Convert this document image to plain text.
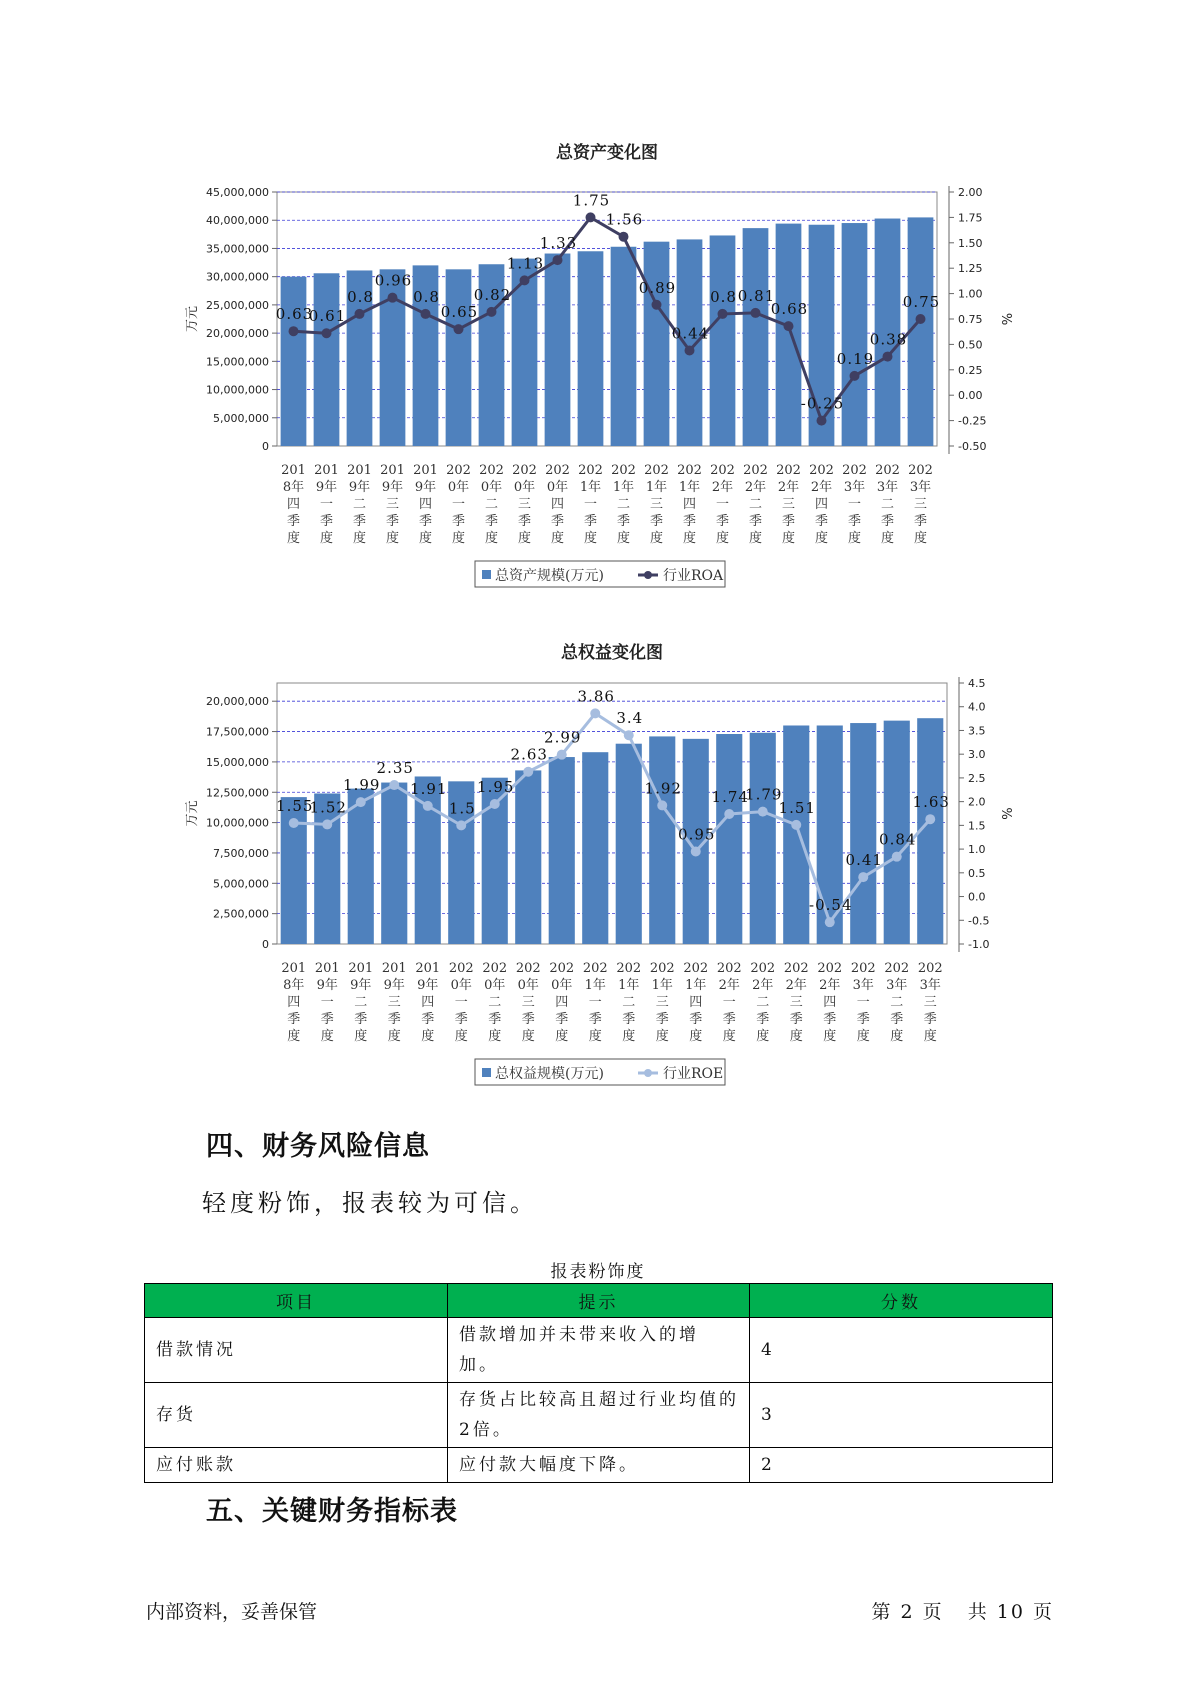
总资产变化图
45,000,000
40,000,000
35,000,000
30,000,000
25,000,000
20,000,000
15,000,000
10,000,000
5,000,000
0
2.00
1.75
1.50
1.25
1.00
0.75
0.50
0.25
0.00
-0.25
-0.50
万元	%
201
8年
四
季
度
201
9年
一
季
度
201
9年
二
季
度
201
9年
三
季
度
201
9年
四
季
度
202
0年
一
季
度
202
0年
二
季
度
202
0年
三
季
度
202
0年
四
季
度
202
1年
一
季
度
202
1年
二
季
度
202
1年
三
季
度
202
1年
四
季
度
202
2年
一
季
度
202
2年
二
季
度
202
2年
三
季
度
202
2年
四
季
度
202
3年
一
季
度
202
3年
二
季
度
202
3年
三
季
度
0.63
0.61
0.8
0.96
0.8
0.65
0.82
1.13
1.33
1.75
1.56
0.89
0.44
0.8 0.81
0.68
-0.25
0.19
0.38
0.75
总资产规模(万元)	行业ROA
总权益变化图
20,000,000
17,500,000
15,000,000
12,500,000
10,000,000
7,500,000
5,000,000
2,500,000
0
4.5
4.0
3.5
3.0
2.5
2.0
1.5
1.0
0.5
0.0
-0.5
-1.0
万元	%
201
8年
四
季
度
201
9年
一
季
度
201
9年
二
季
度
201
9年
三
季
度
201
9年
四
季
度
202
0年
一
季
度
202
0年
二
季
度
202
0年
三
季
度
202
0年
四
季
度
202
1年
一
季
度
202
1年
二
季
度
202
1年
三
季
度
202
1年
四
季
度
202
2年
一
季
度
202
2年
二
季
度
202
2年
三
季
度
202
2年
四
季
度
202
3年
一
季
度
202
3年
二
季
度
202
3年
三
季
度
1.55
1.52
1.99
2.35
1.91
1.5
1.95
2.63
2.99
3.86
3.4
1.92
0.95
1.74
1.79
1.51
-0.54
0.41
0.84
1.63
总权益规模(万元)	行业ROE
四、财务风险信息
轻度粉饰，报表较为可信。
报表粉饰度
项目	提示	分数
借款情况	借款增加并未带来收入的增加。	4
存货	存货占比较高且超过行业均值的2倍。	3
应付账款	应付款大幅度下降。	2
五、关键财务指标表
内部资料，妥善保管	第 2 页   共 10 页
